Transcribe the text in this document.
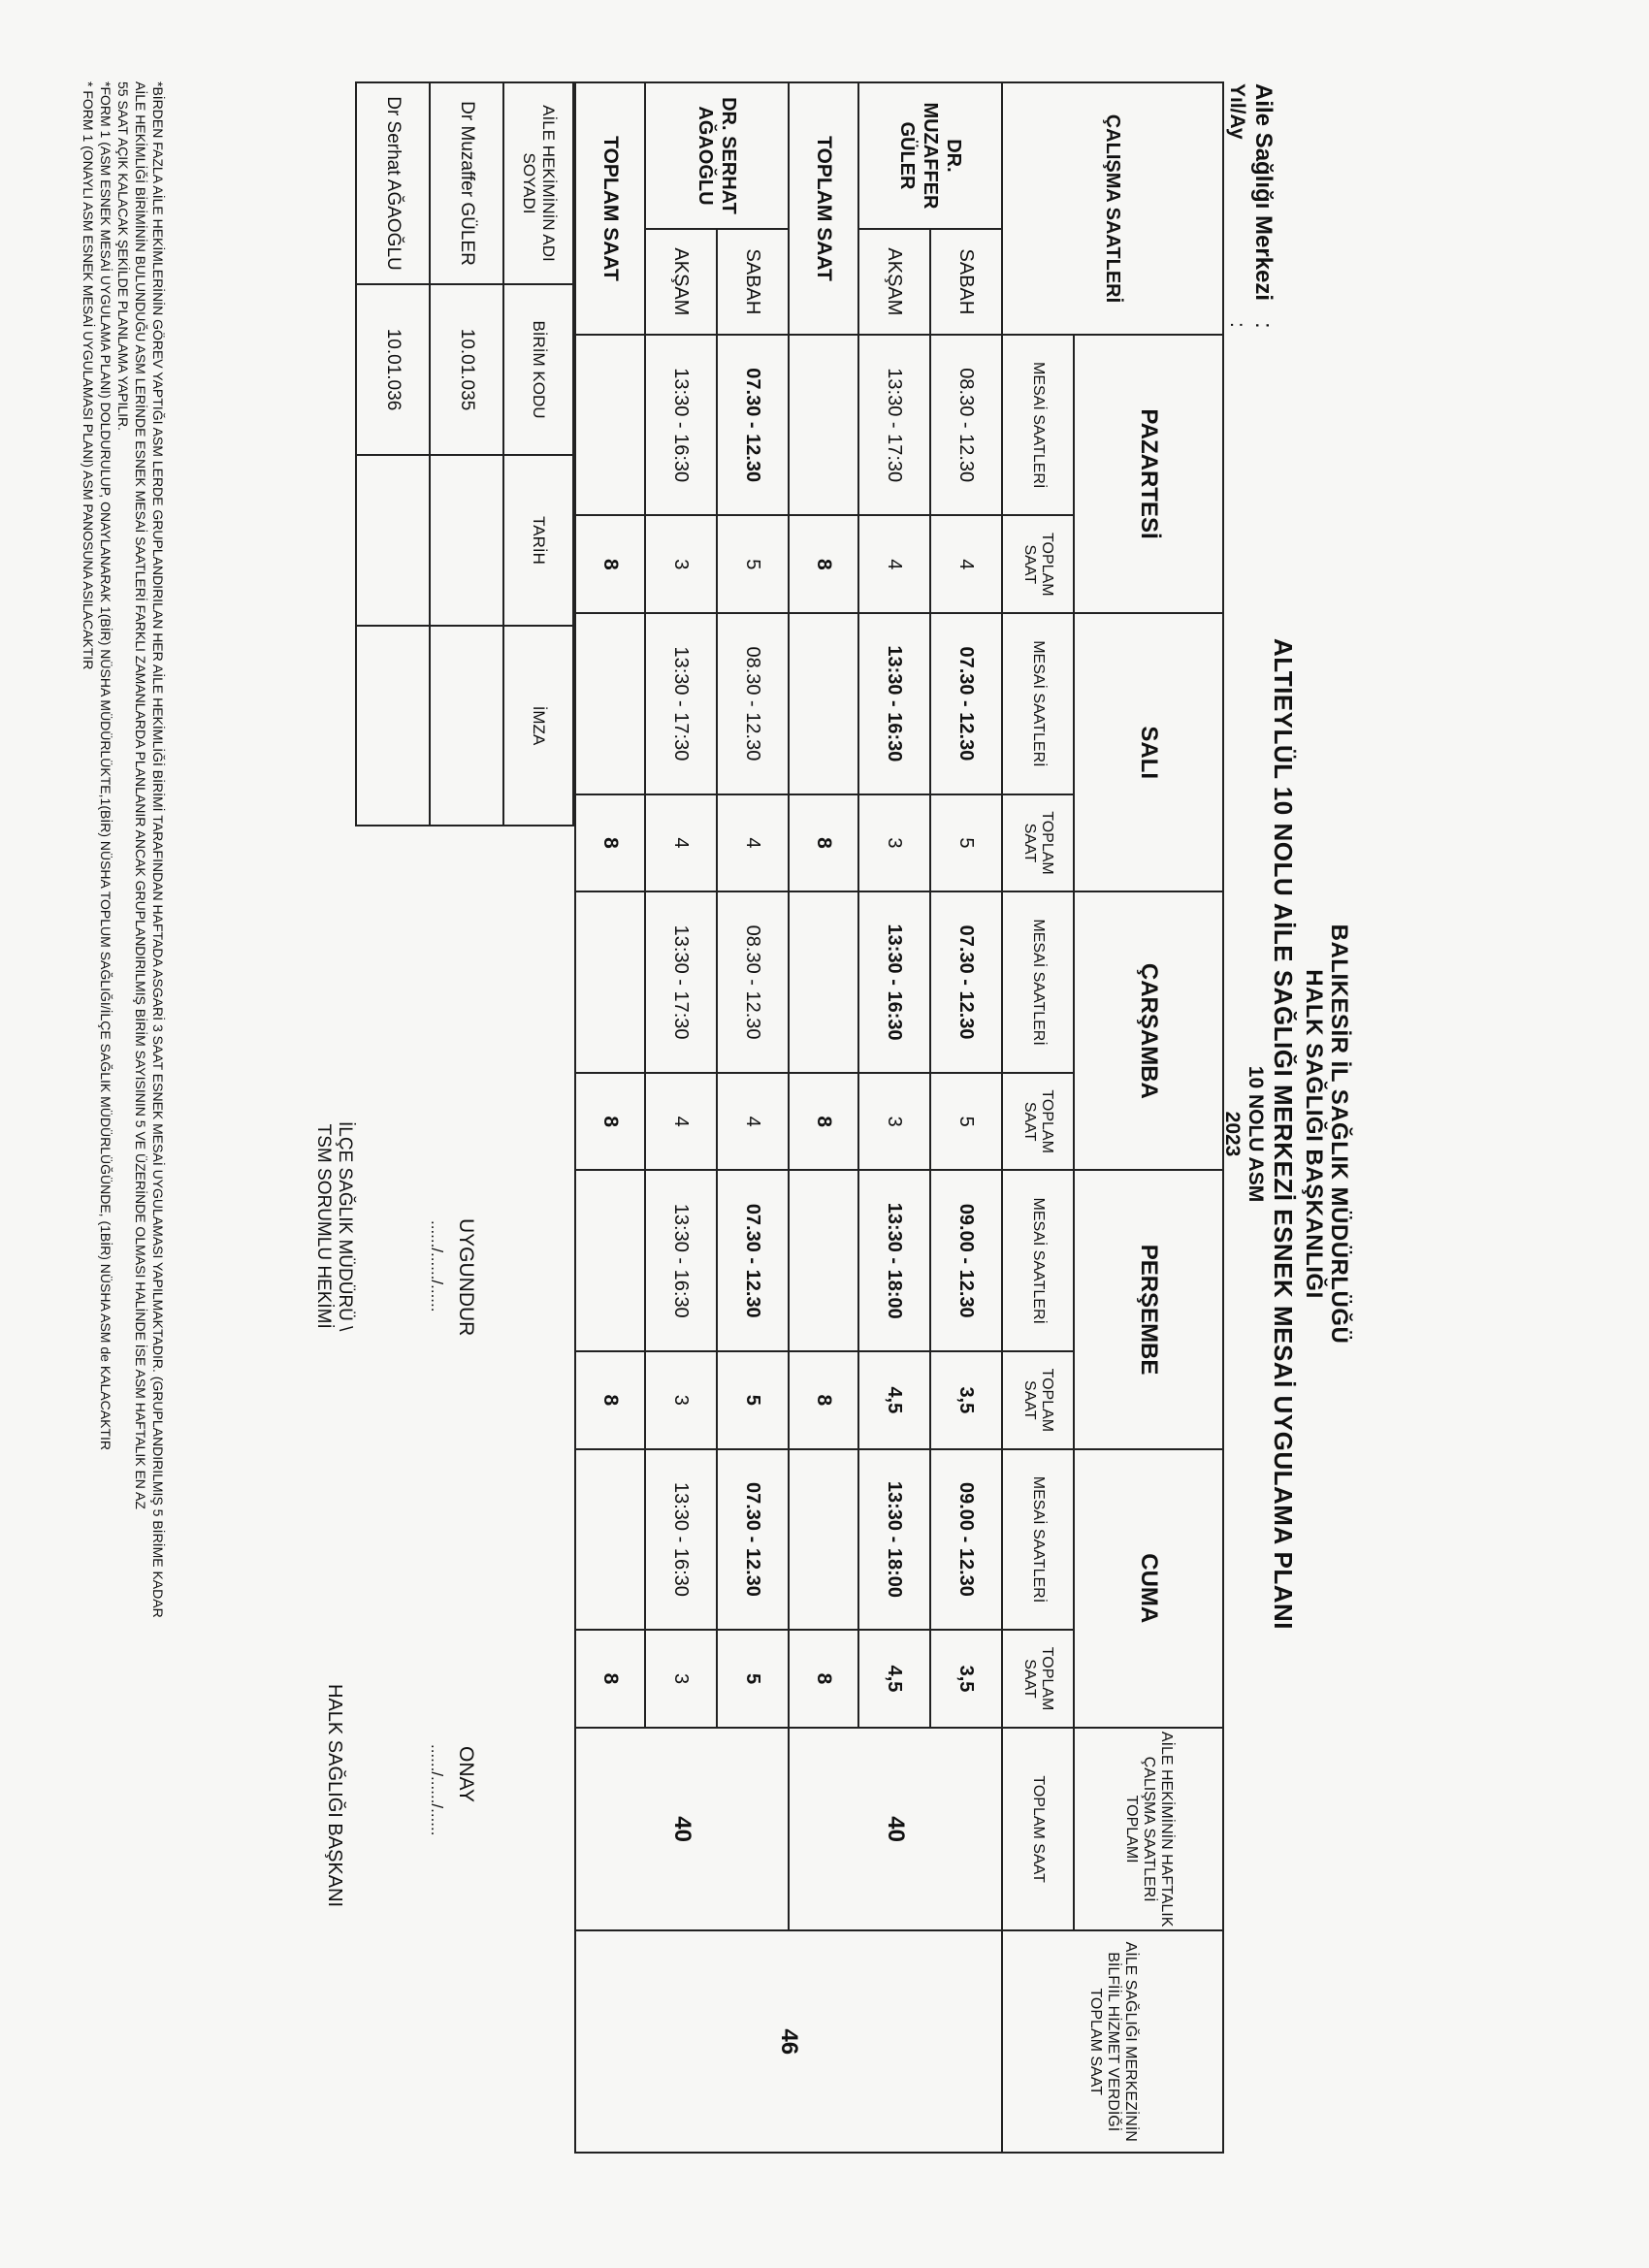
BALIKESİR İL SAĞLIK MÜDÜRLÜĞÜ
HALK SAĞLIĞI BAŞKANLIĞI
ALTIEYLÜL 10 NOLU AİLE SAĞLIĞI MERKEZİ ESNEK MESAİ UYGULAMA PLANI
10 NOLU ASM
2023
Aile Sağlığı Merkezi
:
Yıl/Ay
:
ÇALIŞMA SAATLERİ		PAZARTESİ		SALI		ÇARŞAMBA		PERŞEMBE		CUMA		AİLE HEKİMİNİN HAFTALIK ÇALIŞMA SAATLERİ TOPLAMI	AİLE SAĞLIĞI MERKEZİNİN BİLFİİL HİZMET VERDİĞİ TOPLAM SAAT
		MESAİ SAATLERİ	TOPLAM SAAT	MESAİ SAATLERİ	TOPLAM SAAT	MESAİ SAATLERİ	TOPLAM SAAT	MESAİ SAATLERİ	TOPLAM SAAT	MESAİ SAATLERİ	TOPLAM SAAT	TOPLAM SAAT	
DR. MUZAFFER GÜLER	SABAH	08.30 - 12.30	4	07.30 - 12.30	5	07.30 - 12.30	5	09.00 - 12.30	3,5	09.00 - 12.30	3,5	40	46
	AKŞAM	13:30 - 17:30	4	13:30 - 16:30	3	13:30 - 16:30	3	13:30 - 18:00	4,5	13:30 - 18:00	4,5		
TOPLAM SAAT			8		8		8		8		8		
DR. SERHAT AĞAOĞLU	SABAH	07.30 - 12.30	5	08.30 - 12.30	4	08.30 - 12.30	4	07.30 - 12.30	5	07.30 - 12.30	5	40	
	AKŞAM	13:30 - 16:30	3	13:30 - 17:30	4	13:30 - 17:30	4	13:30 - 16:30	3	13:30 - 16:30	3		
TOPLAM SAAT			8		8		8		8		8		
AİLE HEKİMİNİN ADI SOYADI	BİRİM KODU	TARİH	İMZA
Dr Muzaffer GÜLER	10.01.035		
Dr Serhat AĞAOĞLU	10.01.036		
UYGUNDUR
....../....../......
İLÇE SAĞLIK MÜDÜRÜ \
TSM SORUMLU HEKİMİ
ONAY
....../....../......
HALK SAĞLIĞI BAŞKANI
*BİRDEN FAZLA AİLE HEKİMLERİNİN GÖREV YAPTIĞI ASM LERDE GRUPLANDIRILAN HER AİLE HEKİMLİĞİ BİRİMİ TARAFINDAN HAFTADA ASGARİ 3 SAAT ESNEK MESAİ UYGULAMASI YAPILMAKTADIR. (GRUPLANDIRILMIŞ 5 BİRİME KADAR
AİLE HEKİMLİĞİ BİRİMİNİN BULUNDUĞU ASM LERİNDE ESNEK MESAİ SAATLERİ FARKLI ZAMANLARDA PLANLANIR ANCAK GRUPLANDIRILMIŞ BİRİM SAYISININ 5 VE ÜZERİNDE OLMASI HALİNDE İSE ASM HAFTALIK EN AZ
55 SAAT AÇIK KALACAK ŞEKİLDE PLANLAMA YAPILIR.
*FORM 1 (ASM ESNEK MESAİ UYGULAMA PLANI) DOLDURULUP, ONAYLANARAK 1(BİR) NÜSHA MÜDÜRLÜKTE,1(BİR) NÜSHA TOPLUM SAĞLIĞI/İLÇE SAĞLIK MÜDÜRLÜĞÜNDE, (1BİR) NÜSHA ASM de KALACAKTIR
* FORM 1 (ONAYLI ASM ESNEK MESAİ UYGULAMASI PLANI) ASM PANOSUNA ASILACAKTIR
